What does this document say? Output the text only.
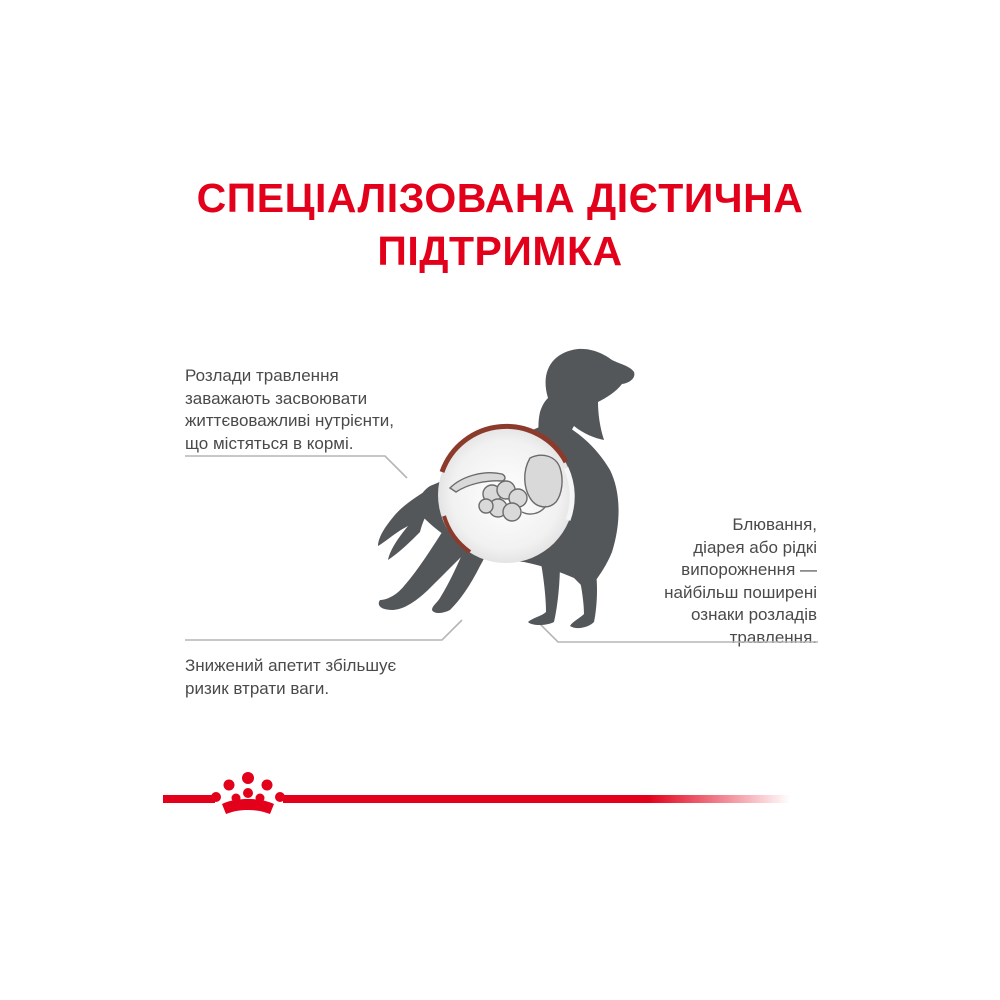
СПЕЦІАЛІЗОВАНА ДІЄТИЧНА
ПІДТРИМКА
Розлади травлення
заважають засвоювати
життєвоважливі нутрієнти,
що містяться в кормі.
Знижений апетит збільшує
ризик втрати ваги.
Блювання,
діарея або рідкі
випорожнення —
найбільш поширені
ознаки розладів
травлення.
